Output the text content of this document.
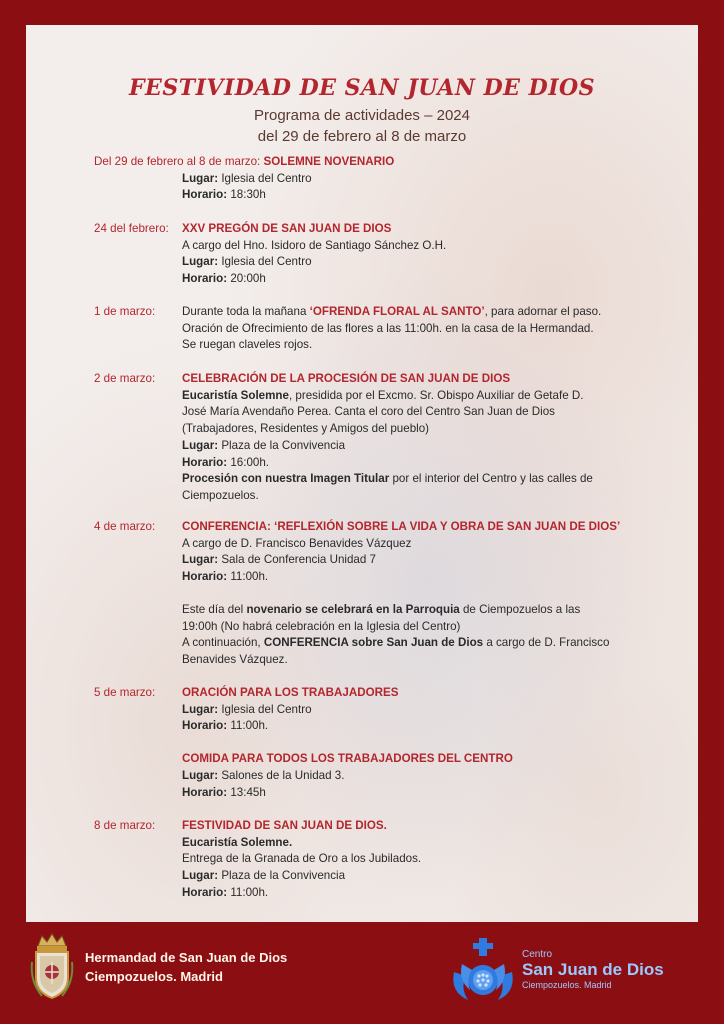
FESTIVIDAD DE SAN JUAN DE DIOS
Programa de actividades – 2024
del 29 de febrero al 8 de marzo
Del 29 de febrero al 8 de marzo: SOLEMNE NOVENARIO
Lugar: Iglesia del Centro
Horario: 18:30h
24 del febrero: XXV PREGÓN DE SAN JUAN DE DIOS
A cargo del Hno. Isidoro de Santiago Sánchez O.H.
Lugar: Iglesia del Centro
Horario: 20:00h
1 de marzo: Durante toda la mañana ‘OFRENDA FLORAL AL SANTO’, para adornar el paso.
Oración de Ofrecimiento de las flores a las 11:00h. en la casa de la Hermandad.
Se ruegan claveles rojos.
2 de marzo: CELEBRACIÓN DE LA PROCESIÓN DE SAN JUAN DE DIOS
Eucaristía Solemne, presidida por el Excmo. Sr. Obispo Auxiliar de Getafe D.
José María Avendaño Perea. Canta el coro del Centro San Juan de Dios
(Trabajadores, Residentes y Amigos del pueblo)
Lugar: Plaza de la Convivencia
Horario: 16:00h.
Procesión con nuestra Imagen Titular por el interior del Centro y las calles de
Ciempozuelos.
4 de marzo: CONFERENCIA: ‘REFLEXIÓN SOBRE LA VIDA Y OBRA DE SAN JUAN DE DIOS’
A cargo de D. Francisco Benavides Vázquez
Lugar: Sala de Conferencia Unidad 7
Horario: 11:00h.
Este día del novenario se celebrará en la Parroquia de Ciempozuelos a las
19:00h (No habrá celebración en la Iglesia del Centro)
A continuación, CONFERENCIA sobre San Juan de Dios a cargo de D. Francisco
Benavides Vázquez.
5 de marzo: ORACIÓN PARA LOS TRABAJADORES
Lugar: Iglesia del Centro
Horario: 11:00h.
COMIDA PARA TODOS LOS TRABAJADORES DEL CENTRO
Lugar: Salones de la Unidad 3.
Horario: 13:45h
8 de marzo: FESTIVIDAD DE SAN JUAN DE DIOS.
Eucaristía Solemne.
Entrega de la Granada de Oro a los Jubilados.
Lugar: Plaza de la Convivencia
Horario: 11:00h.
Hermandad de San Juan de Dios
Ciempozuelos. Madrid
Centro
San Juan de Dios
Ciempozuelos. Madrid
